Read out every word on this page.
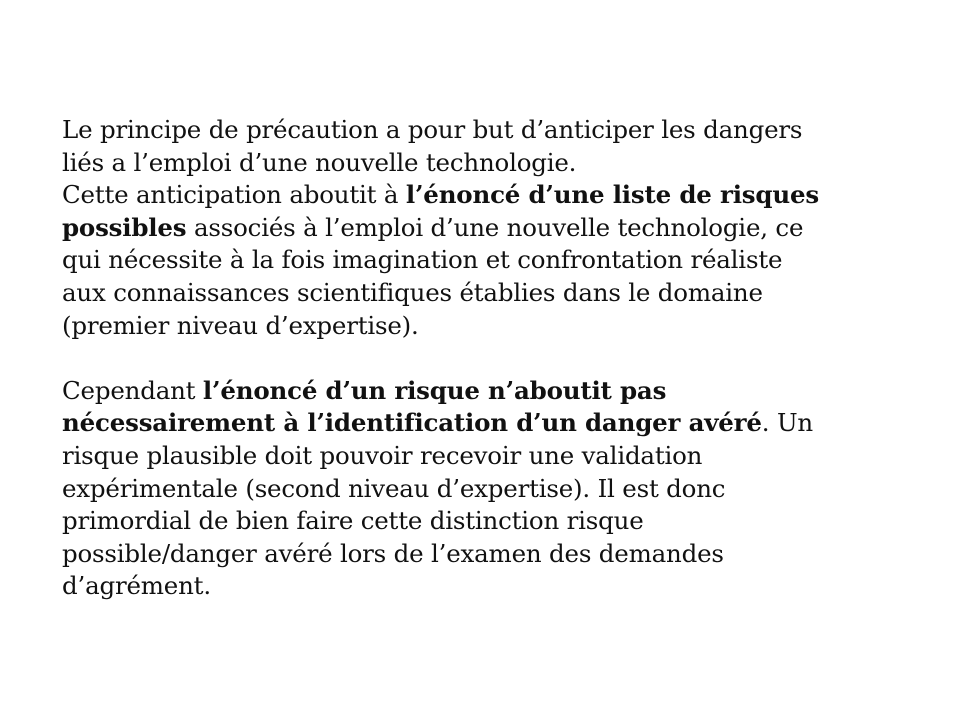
Le principe de précaution a pour but d’anticiper les dangers
liés a l’emploi d’une nouvelle technologie.
Cette anticipation aboutit à l’énoncé d’une liste de risques
possibles associés à l’emploi d’une nouvelle technologie, ce
qui nécessite à la fois imagination et confrontation réaliste
aux connaissances scientifiques établies dans le domaine
(premier niveau d’expertise).
Cependant l’énoncé d’un risque n’aboutit pas
nécessairement à l’identification d’un danger avéré. Un
risque plausible doit pouvoir recevoir une validation
expérimentale (second niveau d’expertise). Il est donc
primordial de bien faire cette distinction risque
possible/danger avéré lors de l’examen des demandes
d’agrément.
